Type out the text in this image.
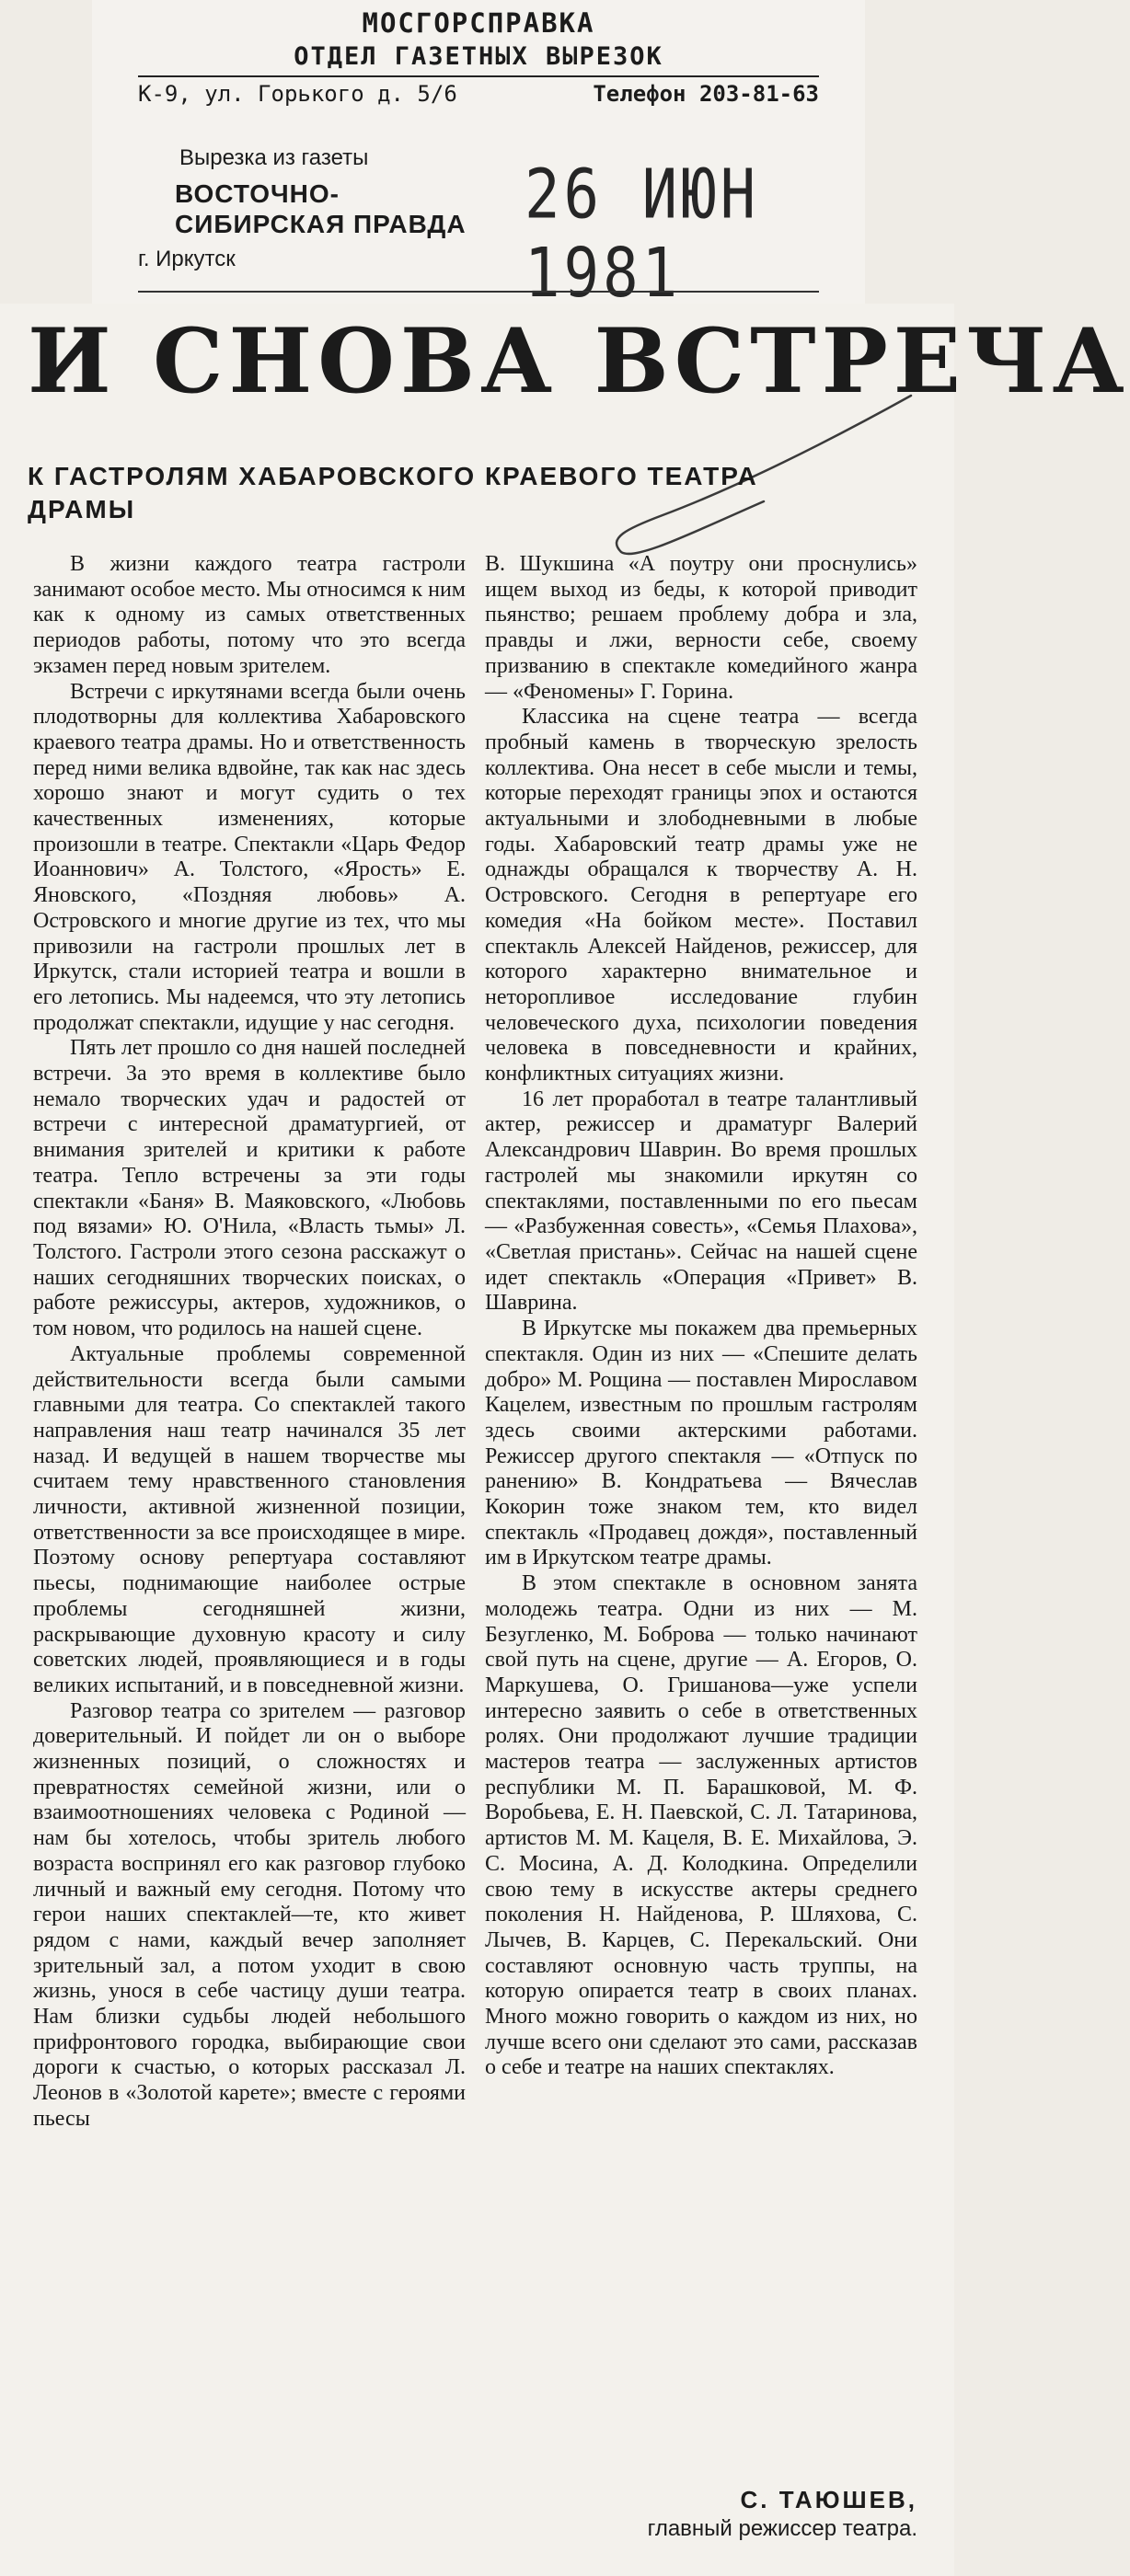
МОСГОРСПРАВКА
ОТДЕЛ ГАЗЕТНЫХ ВЫРЕЗОК
К-9, ул. Горького д. 5/6	Телефон 203-81-63
Вырезка из газеты
ВОСТОЧНО-
СИБИРСКАЯ ПРАВДА
г. Иркутск
26 ИЮН 1981
И СНОВА ВСТРЕЧА
К ГАСТРОЛЯМ ХАБАРОВСКОГО КРАЕВОГО ТЕАТРА ДРАМЫ

В жизни каждого театра гастроли занимают особое место. Мы относимся к ним как к одному из самых ответственных периодов работы, потому что это всегда экзамен перед новым зрителем.

Встречи с иркутянами всегда были очень плодотворны для коллектива Хабаровского краевого театра драмы. Но и ответственность перед ними велика вдвойне, так как нас здесь хорошо знают и могут судить о тех качественных изменениях, которые произошли в театре. Спектакли «Царь Федор Иоаннович» А. Толстого, «Ярость» Е. Яновского, «Поздняя любовь» А. Островского и многие другие из тех, что мы привозили на гастроли прошлых лет в Иркутск, стали историей театра и вошли в его летопись. Мы надеемся, что эту летопись продолжат спектакли, идущие у нас сегодня.

Пять лет прошло со дня нашей последней встречи. За это время в коллективе было немало творческих удач и радостей от встречи с интересной драматургией, от внимания зрителей и критики к работе театра. Тепло встречены за эти годы спектакли «Баня» В. Маяковского, «Любовь под вязами» Ю. О'Нила, «Власть тьмы» Л. Толстого. Гастроли этого сезона расскажут о наших сегодняшних творческих поисках, о работе режиссуры, актеров, художников, о том новом, что родилось на нашей сцене.

Актуальные проблемы современной действительности всегда были самыми главными для театра. Со спектаклей такого направления наш театр начинался 35 лет назад. И ведущей в нашем творчестве мы считаем тему нравственного становления личности, активной жизненной позиции, ответственности за все происходящее в мире. Поэтому основу репертуара составляют пьесы, поднимающие наиболее острые проблемы сегодняшней жизни, раскрывающие духовную красоту и силу советских людей, проявляющиеся и в годы великих испытаний, и в повседневной жизни.

Разговор театра со зрителем — разговор доверительный. И пойдет ли он о выборе жизненных позиций, о сложностях и превратностях семейной жизни, или о взаимоотношениях человека с Родиной — нам бы хотелось, чтобы зритель любого возраста воспринял его как разговор глубоко личный и важный ему сегодня. Потому что герои наших спектаклей—те, кто живет рядом с нами, каждый вечер заполняет зрительный зал, а потом уходит в свою жизнь, унося в себе частицу души театра. Нам близки судьбы людей небольшого прифронтового городка, выбирающие свои дороги к счастью, о которых рассказал Л. Леонов в «Золотой карете»; вместе с героями пьесы

В. Шукшина «А поутру они проснулись» ищем выход из беды, к которой приводит пьянство; решаем проблему добра и зла, правды и лжи, верности себе, своему призванию в спектакле комедийного жанра — «Феномены» Г. Горина.

Классика на сцене театра — всегда пробный камень в творческую зрелость коллектива. Она несет в себе мысли и темы, которые переходят границы эпох и остаются актуальными и злободневными в любые годы. Хабаровский театр драмы уже не однажды обращался к творчеству А. Н. Островского. Сегодня в репертуаре его комедия «На бойком месте». Поставил спектакль Алексей Найденов, режиссер, для которого характерно внимательное и неторопливое исследование глубин человеческого духа, психологии поведения человека в повседневности и крайних, конфликтных ситуациях жизни.

16 лет проработал в театре талантливый актер, режиссер и драматург Валерий Александрович Шаврин. Во время прошлых гастролей мы знакомили иркутян со спектаклями, поставленными по его пьесам — «Разбуженная совесть», «Семья Плахова», «Светлая пристань». Сейчас на нашей сцене идет спектакль «Операция «Привет» В. Шаврина.

В Иркутске мы покажем два премьерных спектакля. Один из них — «Спешите делать добро» М. Рощина — поставлен Мирославом Кацелем, известным по прошлым гастролям здесь своими актерскими работами. Режиссер другого спектакля — «Отпуск по ранению» В. Кондратьева — Вячеслав Кокорин тоже знаком тем, кто видел спектакль «Продавец дождя», поставленный им в Иркутском театре драмы.

В этом спектакле в основном занята молодежь театра. Одни из них — М. Безугленко, М. Боброва — только начинают свой путь на сцене, другие — А. Егоров, О. Маркушева, О. Гришанова—уже успели интересно заявить о себе в ответственных ролях. Они продолжают лучшие традиции мастеров театра — заслуженных артистов республики М. П. Барашковой, М. Ф. Воробьева, Е. Н. Паевской, С. Л. Татаринова, артистов М. М. Кацеля, В. Е. Михайлова, Э. С. Мосина, А. Д. Колодкина. Определили свою тему в искусстве актеры среднего поколения Н. Найденова, Р. Шляхова, С. Лычев, В. Карцев, С. Перекальский. Они составляют основную часть труппы, на которую опирается театр в своих планах. Много можно говорить о каждом из них, но лучше всего они сделают это сами, рассказав о себе и театре на наших спектаклях.

С. ТАЮШЕВ,
главный режиссер театра.
